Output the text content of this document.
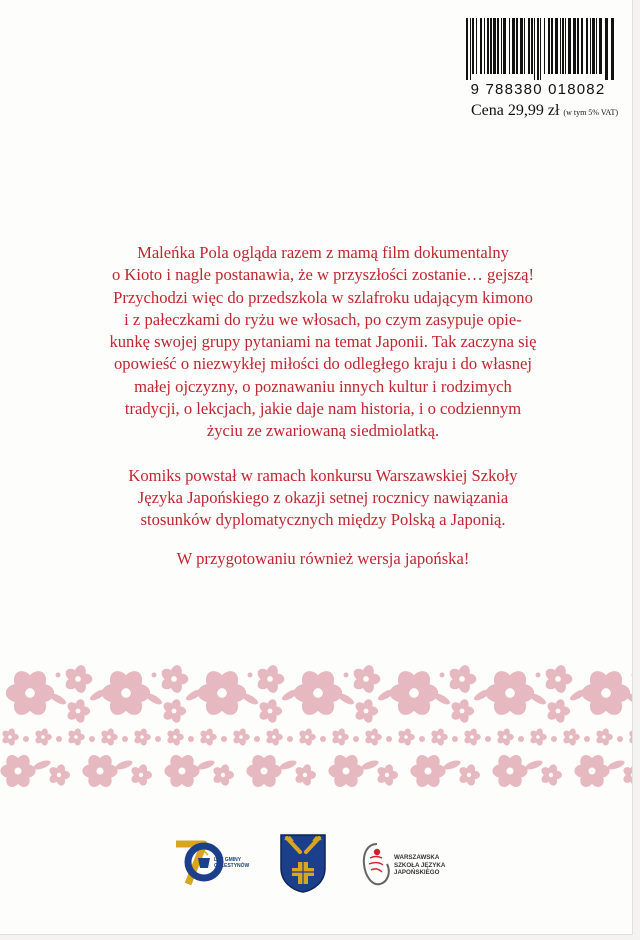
9 788380 018082
Cena 29,99 zł (w tym 5% VAT)

Maleńka Pola ogląda razem z mamą film dokumentalny
o Kioto i nagle postanawia, że w przyszłości zostanie… gejszą!
Przychodzi więc do przedszkola w szlafroku udającym kimono
i z pałeczkami do ryżu we włosach, po czym zasypuje opie-
kunkę swojej grupy pytaniami na temat Japonii. Tak zaczyna się
opowieść o niezwykłej miłości do odległego kraju i do własnej
małej ojczyzny, o poznawaniu innych kultur i rodzimych
tradycji, o lekcjach, jakie daje nam historia, i o codziennym
życiu ze zwariowaną siedmiolatką.

Komiks powstał w ramach konkursu Warszawskiej Szkoły
Języka Japońskiego z okazji setnej rocznicy nawiązania
stosunków dyplomatycznych między Polską a Japonią.

W przygotowaniu również wersja japońska!

LAT GMINY
CELESTYNÓW
WARSZAWSKA
SZKOŁA JĘZYKA
JAPOŃSKIEGO
